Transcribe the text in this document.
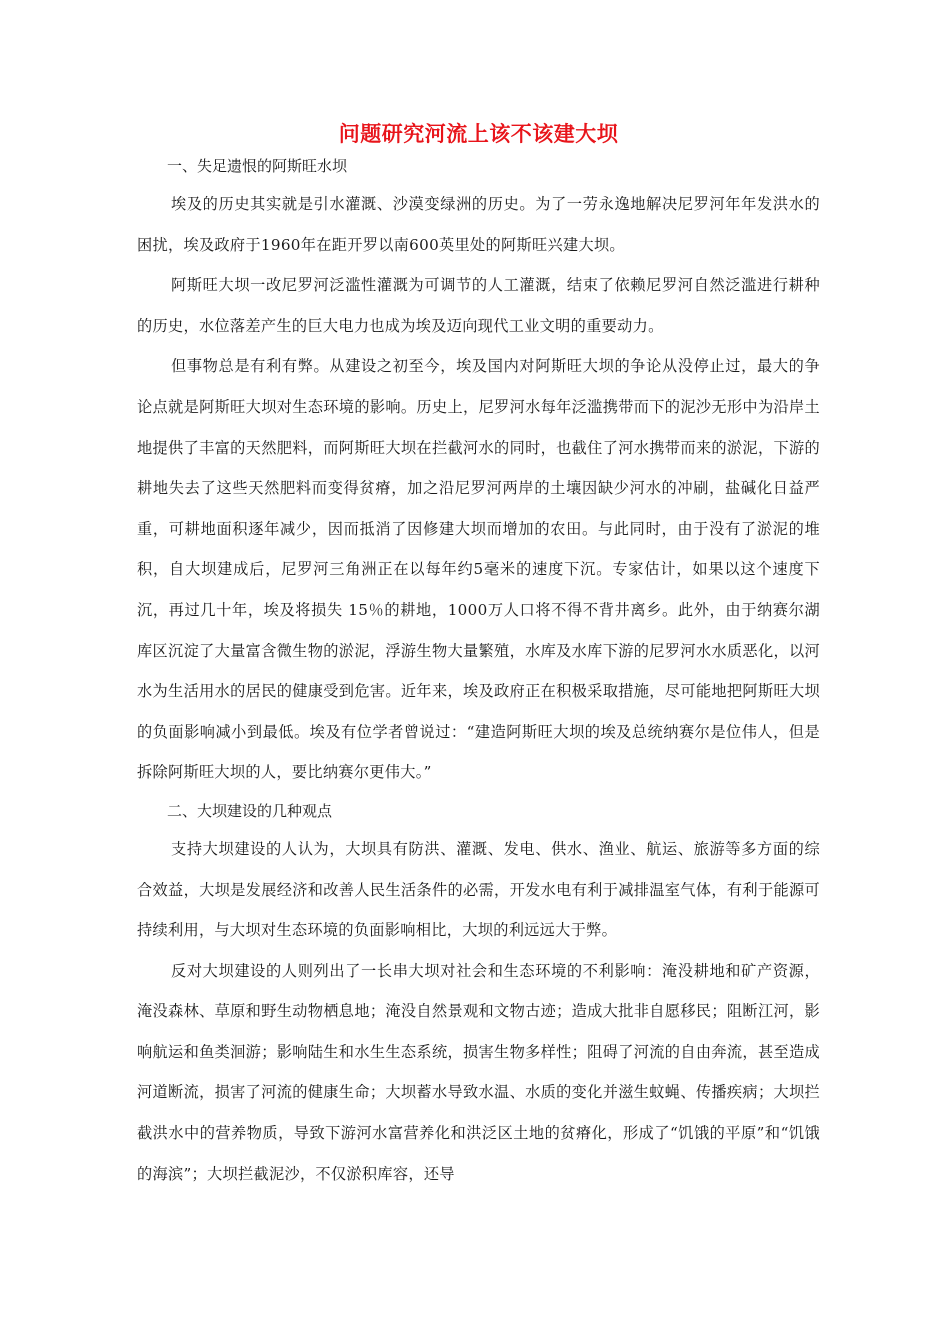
问题研究河流上该不该建大坝

一、失足遗恨的阿斯旺水坝

埃及的历史其实就是引水灌溉、沙漠变绿洲的历史。为了一劳永逸地解决尼罗河年年发洪水的困扰，埃及政府于1960年在距开罗以南600英里处的阿斯旺兴建大坝。

阿斯旺大坝一改尼罗河泛滥性灌溉为可调节的人工灌溉，结束了依赖尼罗河自然泛滥进行耕种的历史，水位落差产生的巨大电力也成为埃及迈向现代工业文明的重要动力。

但事物总是有利有弊。从建设之初至今，埃及国内对阿斯旺大坝的争论从没停止过，最大的争论点就是阿斯旺大坝对生态环境的影响。历史上，尼罗河水每年泛滥携带而下的泥沙无形中为沿岸土地提供了丰富的天然肥料，而阿斯旺大坝在拦截河水的同时，也截住了河水携带而来的淤泥，下游的耕地失去了这些天然肥料而变得贫瘠，加之沿尼罗河两岸的土壤因缺少河水的冲刷，盐碱化日益严重，可耕地面积逐年减少，因而抵消了因修建大坝而增加的农田。与此同时，由于没有了淤泥的堆积，自大坝建成后，尼罗河三角洲正在以每年约5毫米的速度下沉。专家估计，如果以这个速度下沉，再过几十年，埃及将损失 15％的耕地，1000万人口将不得不背井离乡。此外，由于纳赛尔湖库区沉淀了大量富含微生物的淤泥，浮游生物大量繁殖，水库及水库下游的尼罗河水水质恶化，以河水为生活用水的居民的健康受到危害。近年来，埃及政府正在积极采取措施，尽可能地把阿斯旺大坝的负面影响减小到最低。埃及有位学者曾说过：“建造阿斯旺大坝的埃及总统纳赛尔是位伟人，但是拆除阿斯旺大坝的人，要比纳赛尔更伟大。”

二、大坝建设的几种观点

支持大坝建设的人认为，大坝具有防洪、灌溉、发电、供水、渔业、航运、旅游等多方面的综合效益，大坝是发展经济和改善人民生活条件的必需，开发水电有利于减排温室气体，有利于能源可持续利用，与大坝对生态环境的负面影响相比，大坝的利远远大于弊。

反对大坝建设的人则列出了一长串大坝对社会和生态环境的不利影响：淹没耕地和矿产资源，淹没森林、草原和野生动物栖息地；淹没自然景观和文物古迹；造成大批非自愿移民；阻断江河，影响航运和鱼类洄游；影响陆生和水生生态系统，损害生物多样性；阻碍了河流的自由奔流，甚至造成河道断流，损害了河流的健康生命；大坝蓄水导致水温、水质的变化并滋生蚊蝇、传播疾病；大坝拦截洪水中的营养物质，导致下游河水富营养化和洪泛区土地的贫瘠化，形成了“饥饿的平原”和“饥饿的海滨”；大坝拦截泥沙，不仅淤积库容，还导
